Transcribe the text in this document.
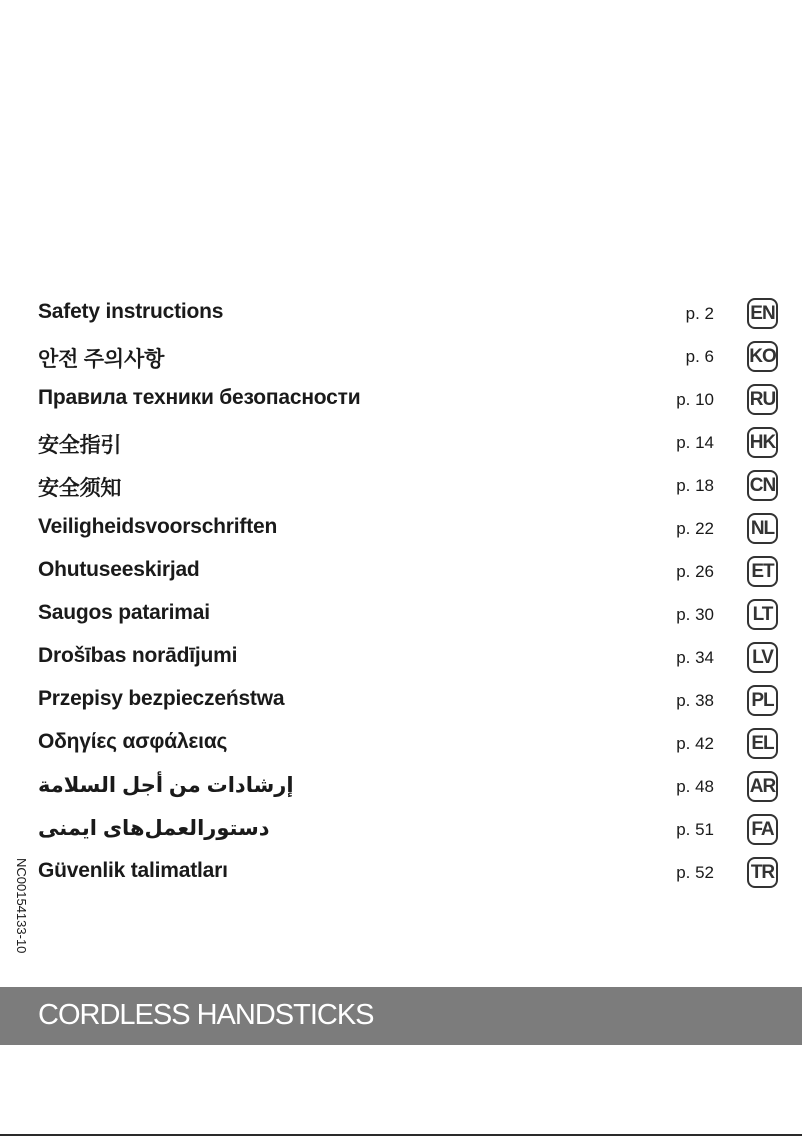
Safety instructions	p. 2 EN
안전 주의사항	p. 6 KO
Правила техники безопасности	p. 10 RU
安全指引	p. 14 HK
安全须知	p. 18 CN
Veiligheidsvoorschriften	p. 22 NL
Ohutuseeskirjad	p. 26 ET
Saugos patarimai	p. 30 LT
Drošības norādījumi	p. 34 LV
Przepisy bezpieczeństwa	p. 38 PL
Οδηγίες ασφάλειας	p. 42 EL
إرشادات من أجل السلامة	p. 48 AR
دستورالعمل‌های ایمنی	p. 51 FA
Güvenlik talimatları	p. 52 TR
NC00154133-10
CORDLESS HANDSTICKS
